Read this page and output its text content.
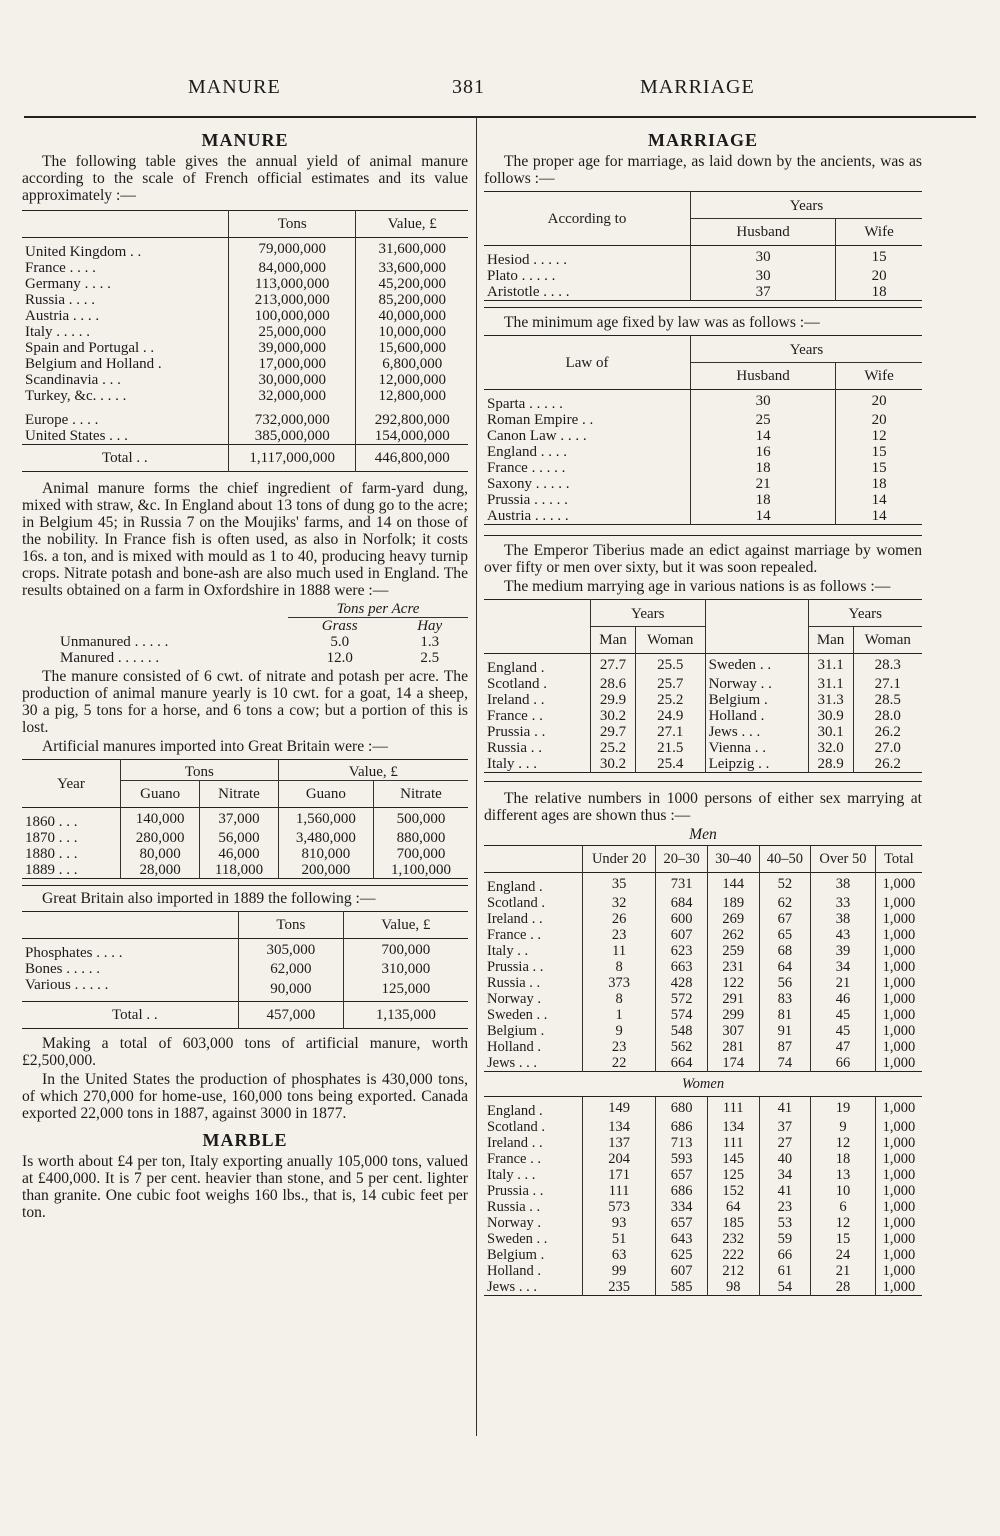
MANURE	381	MARRIAGE
MANURE

The following table gives the annual yield of animal manure according to the scale of French official estimates and its value approximately :—

	Tons	Value, £
United Kingdom . .	79,000,000	31,600,000
France . . . .	84,000,000	33,600,000
Germany . . . .	113,000,000	45,200,000
Russia . . . .	213,000,000	85,200,000
Austria . . . .	100,000,000	40,000,000
Italy . . . . .	25,000,000	10,000,000
Spain and Portugal . .	39,000,000	15,600,000
Belgium and Holland .	17,000,000	6,800,000
Scandinavia . . .	30,000,000	12,000,000
Turkey, &c. . . . .	32,000,000	12,800,000

Europe . . . .	732,000,000	292,800,000
United States . . .	385,000,000	154,000,000
Total . .	1,117,000,000	446,800,000

Animal manure forms the chief ingredient of farm-yard dung, mixed with straw, &c. In England about 13 tons of dung go to the acre; in Belgium 45; in Russia 7 on the Moujiks' farms, and 14 on those of the nobility. In France fish is often used, as also in Norfolk; it costs 16s. a ton, and is mixed with mould as 1 to 40, producing heavy turnip crops. Nitrate potash and bone-ash are also much used in England. The results obtained on a farm in Oxfordshire in 1888 were :—

	Tons per Acre	
	Grass	Hay
Unmanured . . . . .	5.0	1.3
Manured . . . . . .	12.0	2.5

The manure consisted of 6 cwt. of nitrate and potash per acre. The production of animal manure yearly is 10 cwt. for a goat, 14 a sheep, 30 a pig, 5 tons for a horse, and 6 tons a cow; but a portion of this is lost.

Artificial manures imported into Great Britain were :—

Year	Tons		Value, £	
	Guano	Nitrate	Guano	Nitrate
1860 . . .	140,000	37,000	1,560,000	500,000
1870 . . .	280,000	56,000	3,480,000	880,000
1880 . . .	80,000	46,000	810,000	700,000
1889 . . .	28,000	118,000	200,000	1,100,000

Great Britain also imported in 1889 the following :—

	Tons	Value, £
Phosphates . . . .	305,000	700,000
Bones . . . . .	62,000	310,000
Various . . . . .	90,000	125,000
Total . .	457,000	1,135,000

Making a total of 603,000 tons of artificial manure, worth £2,500,000.

In the United States the production of phosphates is 430,000 tons, of which 270,000 for home-use, 160,000 tons being exported. Canada exported 22,000 tons in 1887, against 3000 in 1877.

MARBLE

Is worth about £4 per ton, Italy exporting anually 105,000 tons, valued at £400,000. It is 7 per cent. heavier than stone, and 5 per cent. lighter than granite. One cubic foot weighs 160 lbs., that is, 14 cubic feet per ton.

MARRIAGE

The proper age for marriage, as laid down by the ancients, was as follows :—

According to	Years	
	Husband	Wife
Hesiod . . . . .	30	15
Plato . . . . .	30	20
Aristotle . . . .	37	18

The minimum age fixed by law was as follows :—

Law of	Years	
	Husband	Wife
Sparta . . . . .	30	20
Roman Empire . .	25	20
Canon Law . . . .	14	12
England . . . .	16	15
France . . . . .	18	15
Saxony . . . . .	21	18
Prussia . . . . .	18	14
Austria . . . . .	14	14

The Emperor Tiberius made an edict against marriage by women over fifty or men over sixty, but it was soon repealed.

The medium marrying age in various nations is as follows :—

	Years			Years	
	Man	Woman		Man	Woman
England .	27.7	25.5	Sweden . .	31.1	28.3
Scotland .	28.6	25.7	Norway . .	31.1	27.1
Ireland . .	29.9	25.2	Belgium .	31.3	28.5
France . .	30.2	24.9	Holland .	30.9	28.0
Prussia . .	29.7	27.1	Jews . . .	30.1	26.2
Russia . .	25.2	21.5	Vienna . .	32.0	27.0
Italy . . .	30.2	25.4	Leipzig . .	28.9	26.2

The relative numbers in 1000 persons of either sex marrying at different ages are shown thus :—

Men
	Under 20	20–30	30–40	40–50	Over 50	Total
England .	35	731	144	52	38	1,000
Scotland .	32	684	189	62	33	1,000
Ireland . .	26	600	269	67	38	1,000
France . .	23	607	262	65	43	1,000
Italy . .	11	623	259	68	39	1,000
Prussia . .	8	663	231	64	34	1,000
Russia . .	373	428	122	56	21	1,000
Norway .	8	572	291	83	46	1,000
Sweden . .	1	574	299	81	45	1,000
Belgium .	9	548	307	91	45	1,000
Holland .	23	562	281	87	47	1,000
Jews . . .	22	664	174	74	66	1,000
Women						
England .	149	680	111	41	19	1,000
Scotland .	134	686	134	37	9	1,000
Ireland . .	137	713	111	27	12	1,000
France . .	204	593	145	40	18	1,000
Italy . . .	171	657	125	34	13	1,000
Prussia . .	111	686	152	41	10	1,000
Russia . .	573	334	64	23	6	1,000
Norway .	93	657	185	53	12	1,000
Sweden . .	51	643	232	59	15	1,000
Belgium .	63	625	222	66	24	1,000
Holland .	99	607	212	61	21	1,000
Jews . . .	235	585	98	54	28	1,000
